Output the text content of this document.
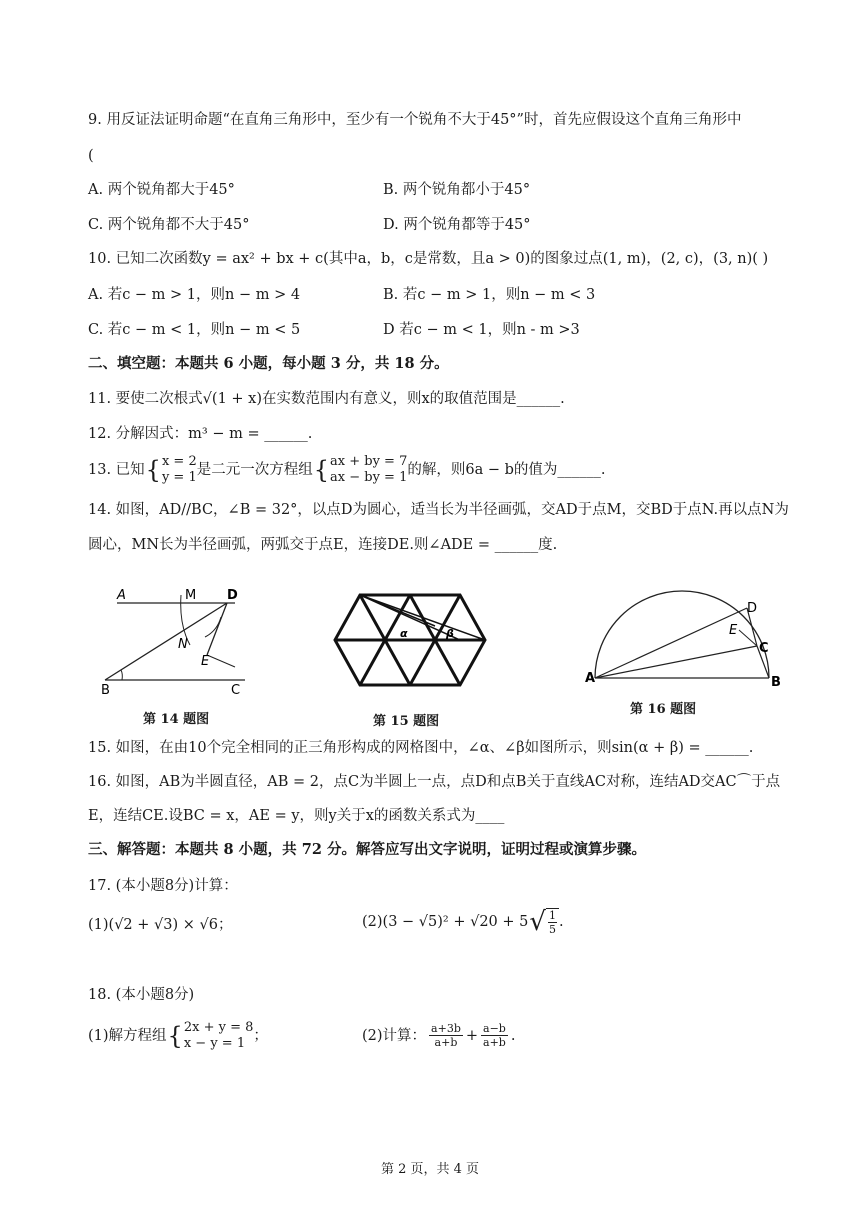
9. 用反证法证明命题“在直角三角形中，至少有一个锐角不大于45°”时，首先应假设这个直角三角形中
(
A. 两个锐角都大于45°	B. 两个锐角都小于45°
C. 两个锐角都不大于45°	D. 两个锐角都等于45°
10. 已知二次函数y = ax² + bx + c(其中a，b，c是常数，且a > 0)的图象过点(1, m)，(2, c)，(3, n)( )
A. 若c − m > 1，则n − m > 4	B. 若c − m > 1，则n − m < 3
C. 若c − m < 1，则n − m < 5	D 若c − m < 1，则n - m >3
二、填空题：本题共 6 小题，每小题 3 分，共 18 分。
11. 要使二次根式√(1 + x)在实数范围内有意义，则x的取值范围是______.
12. 分解因式：m³ − m = ______.
13. 已知 { x = 2
y = 1 是二元一次方程组 { ax + by = 7
ax − by = 1 的解，则6a − b的值为______.
14. 如图，AD//BC，∠B = 32°，以点D为圆心，适当长为半径画弧，交AD于点M，交BD于点N.再以点N为
圆心，MN长为半径画弧，两弧交于点E，连接DE.则∠ADE = ______度.
A	M D
N
E
B	C
第 14 题图
α	β
第 15 题图
A	B
C
D
E
第 16 题图
15. 如图，在由10个完全相同的正三角形构成的网格图中，∠α、∠β如图所示，则sin(α + β) = ______.
16. 如图，AB为半圆直径，AB = 2，点C为半圆上一点，点D和点B关于直线AC对称，连结AD交AC⌒于点
E，连结CE.设BC = x，AE = y，则y关于x的函数关系式为____
三、解答题：本题共 8 小题，共 72 分。解答应写出文字说明，证明过程或演算步骤。
17. (本小题8分)计算：
(1)(√2 + √3) × √6；	(2)(3 − √5)² + √20 + 5 √ $\frac{1}{5}$ .
18. (本小题8分)
(1)解方程组 { 2x + y = 8
x − y = 1 ；	(2)计算： $\frac{a+3b}{a+b} + \frac{a-b}{a+b}$ .
第 2 页，共 4 页
